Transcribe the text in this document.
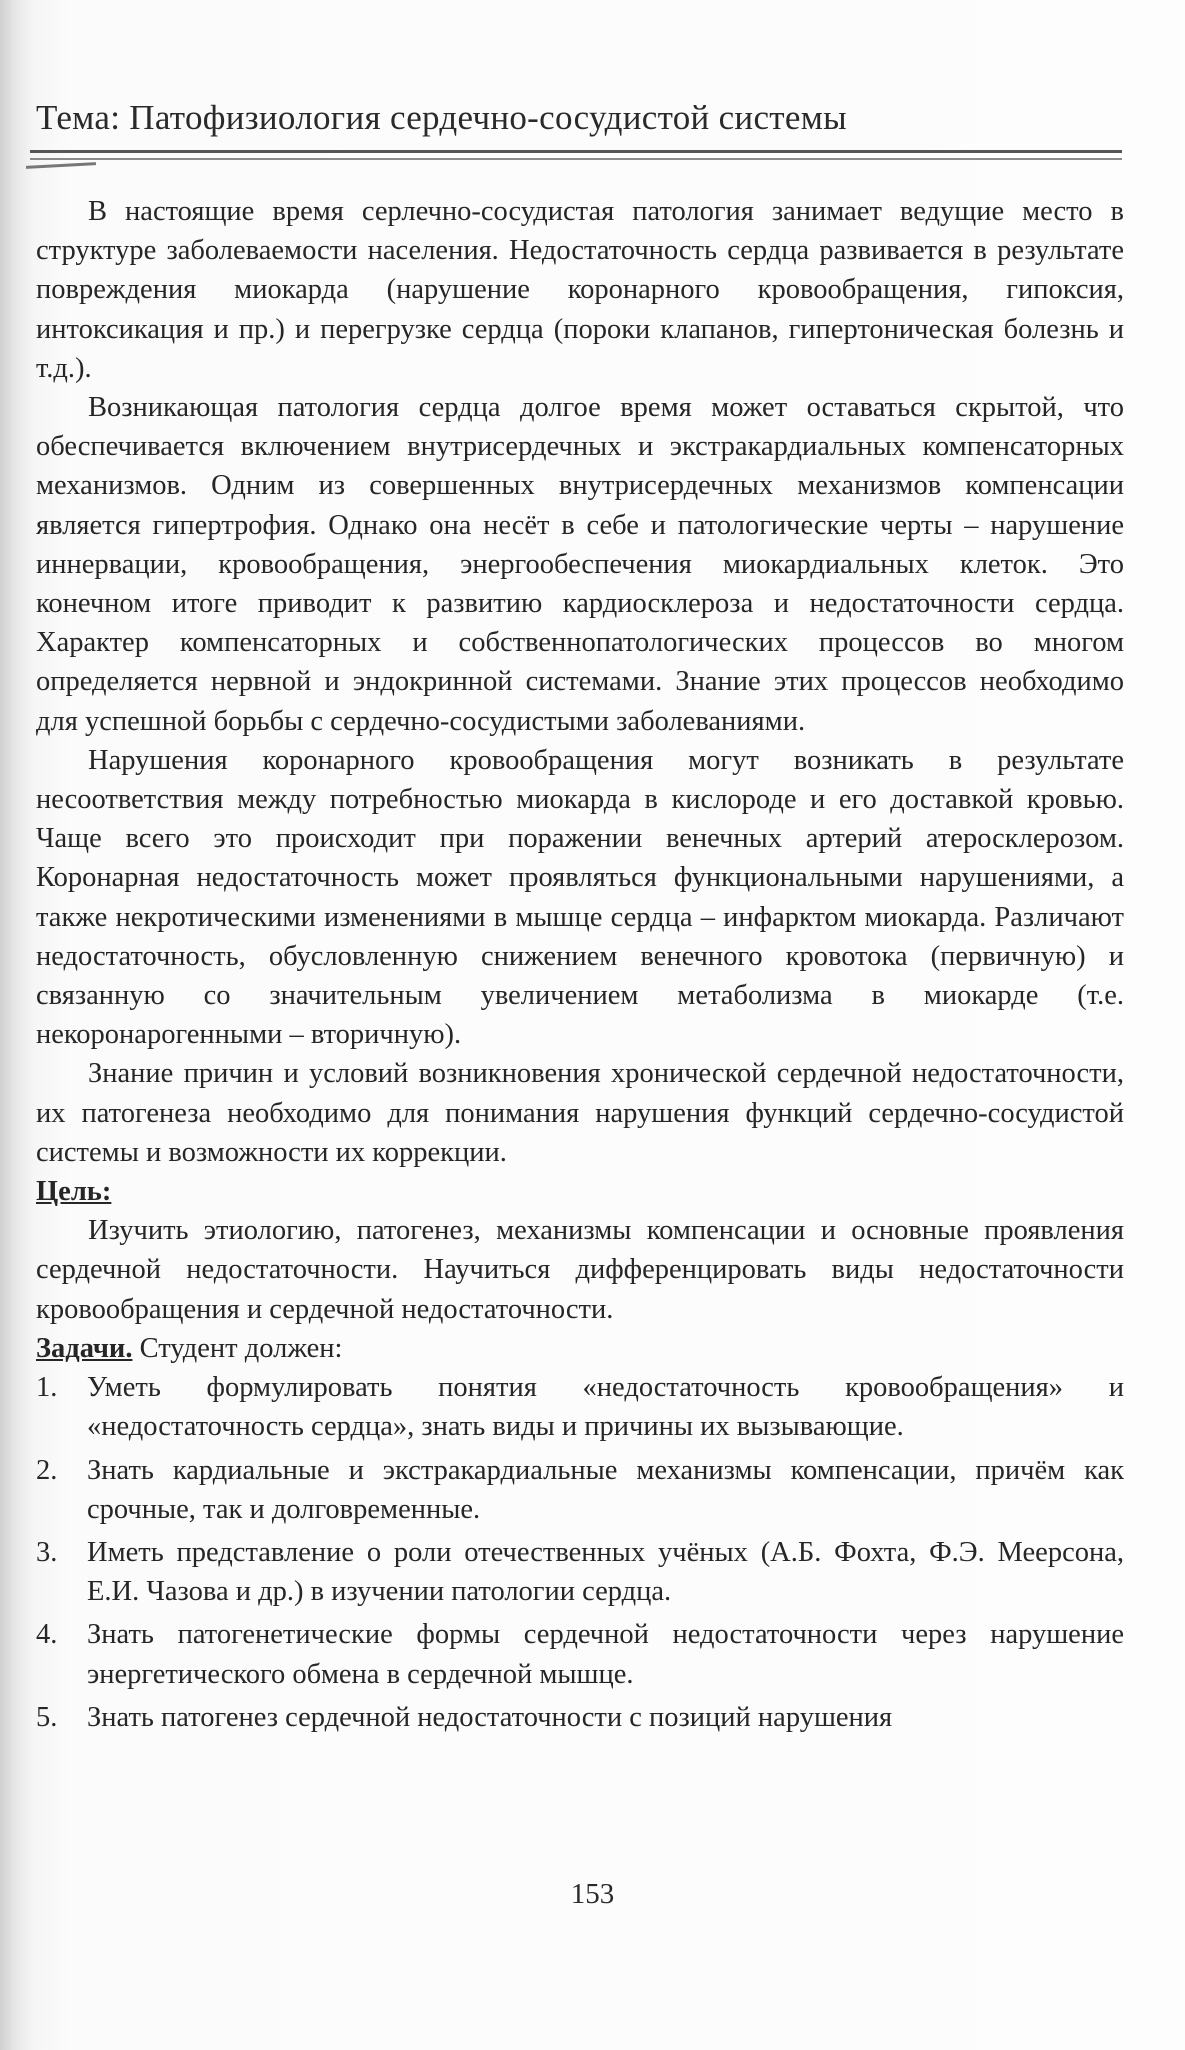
Тема: Патофизиология сердечно-сосудистой системы

В настоящие время серлечно-сосудистая патология занимает ведущие место в структуре заболеваемости населения. Недостаточность сердца развивается в результате повреждения миокарда (нарушение коронарного кровообращения, гипоксия, интоксикация и пр.) и перегрузке сердца (пороки клапанов, гипертоническая болезнь и т.д.).

Возникающая патология сердца долгое время может оставаться скрытой, что обеспечивается включением внутрисердечных и экстракардиальных компенсаторных механизмов. Одним из совершенных внутрисердечных механизмов компенсации является гипертрофия. Однако она несёт в себе и патологические черты – нарушение иннервации, кровообращения, энергообеспечения миокардиальных клеток. Это конечном итоге приводит к развитию кардиосклероза и недостаточности сердца. Характер компенсаторных и собственнопатологических процессов во многом определяется нервной и эндокринной системами. Знание этих процессов необходимо для успешной борьбы с сердечно-сосудистыми заболеваниями.

Нарушения коронарного кровообращения могут возникать в результате несоответствия между потребностью миокарда в кислороде и его доставкой кровью. Чаще всего это происходит при поражении венечных артерий атеросклерозом. Коронарная недостаточность может проявляться функциональными нарушениями, а также некротическими изменениями в мышце сердца – инфарктом миокарда. Различают недостаточность, обусловленную снижением венечного кровотока (первичную) и связанную со значительным увеличением метаболизма в миокарде (т.е. некоронарогенными – вторичную).

Знание причин и условий возникновения хронической сердечной недостаточности, их патогенеза необходимо для понимания нарушения функций сердечно-сосудистой системы и возможности их коррекции.

Цель:

Изучить этиологию, патогенез, механизмы компенсации и основные проявления сердечной недостаточности. Научиться дифференцировать виды недостаточности кровообращения и сердечной недостаточности.

Задачи. Студент должен:
1. Уметь формулировать понятия «недостаточность кровообращения» и «недостаточность сердца», знать виды и причины их вызывающие.
2. Знать кардиальные и экстракардиальные механизмы компенсации, причём как срочные, так и долговременные.
3. Иметь представление о роли отечественных учёных (А.Б. Фохта, Ф.Э. Меерсона, Е.И. Чазова и др.) в изучении патологии сердца.
4. Знать патогенетические формы сердечной недостаточности через нарушение энергетического обмена в сердечной мышце.
5. Знать патогенез сердечной недостаточности с позиций нарушения
153
